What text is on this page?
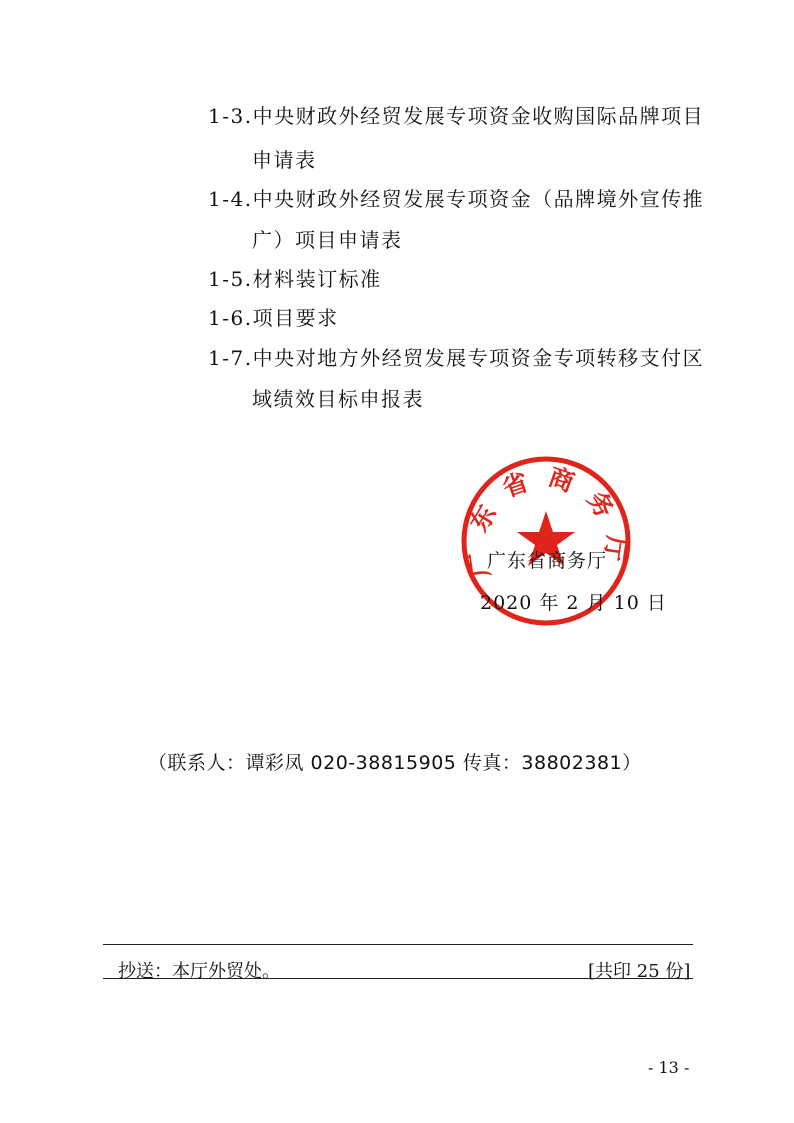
1-3.中央财政外经贸发展专项资金收购国际品牌项目
申请表
1-4.中央财政外经贸发展专项资金（品牌境外宣传推
广）项目申请表
1-5.材料装订标准
1-6.项目要求
1-7.中央对地方外经贸发展专项资金专项转移支付区
域绩效目标申报表
广东省商务厅
广东省商务厅
2020 年 2 月 10 日
（联系人：谭彩凤 020-38815905 传真：38802381）
抄送：本厅外贸处。	[共印 25 份]
- 13 -
